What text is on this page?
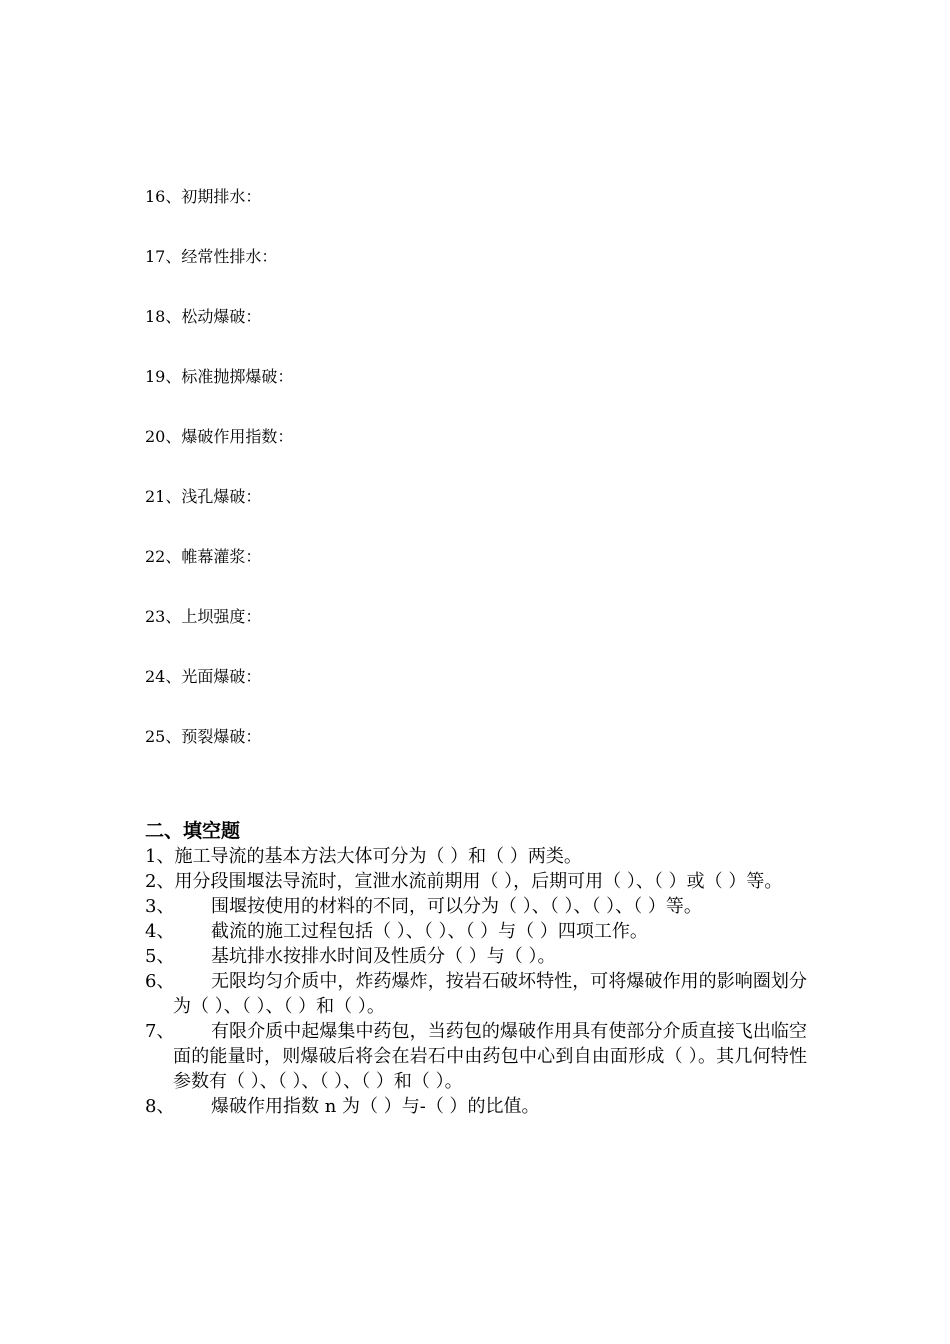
16、初期排水：
17、经常性排水：
18、松动爆破：
19、标准抛掷爆破：
20、爆破作用指数：
21、浅孔爆破：
22、帷幕灌浆：
23、上坝强度：
24、光面爆破：
25、预裂爆破：
二、填空题

1、 施工导流的基本方法大体可分为（ ）和（ ）两类。

2、 用分段围堰法导流时，宣泄水流前期用（ ），后期可用（ ）、（ ）或（ ）等。

3、	围堰按使用的材料的不同，可以分为（ ）、（ ）、（ ）、（ ）等。

4、	截流的施工过程包括（ ）、（ ）、（ ）与（ ）四项工作。

5、	基坑排水按排水时间及性质分（ ）与（ ）。

6、	无限均匀介质中，炸药爆炸，按岩石破坏特性，可将爆破作用的影响圈划分为（ ）、（ ）、（ ）和（ ）。

7、	有限介质中起爆集中药包，当药包的爆破作用具有使部分介质直接飞出临空面的能量时，则爆破后将会在岩石中由药包中心到自由面形成（ ）。其几何特性参数有（ ）、（ ）、（ ）、（ ）和（ ）。

8、	爆破作用指数 n 为（ ）与-（ ）的比值。
